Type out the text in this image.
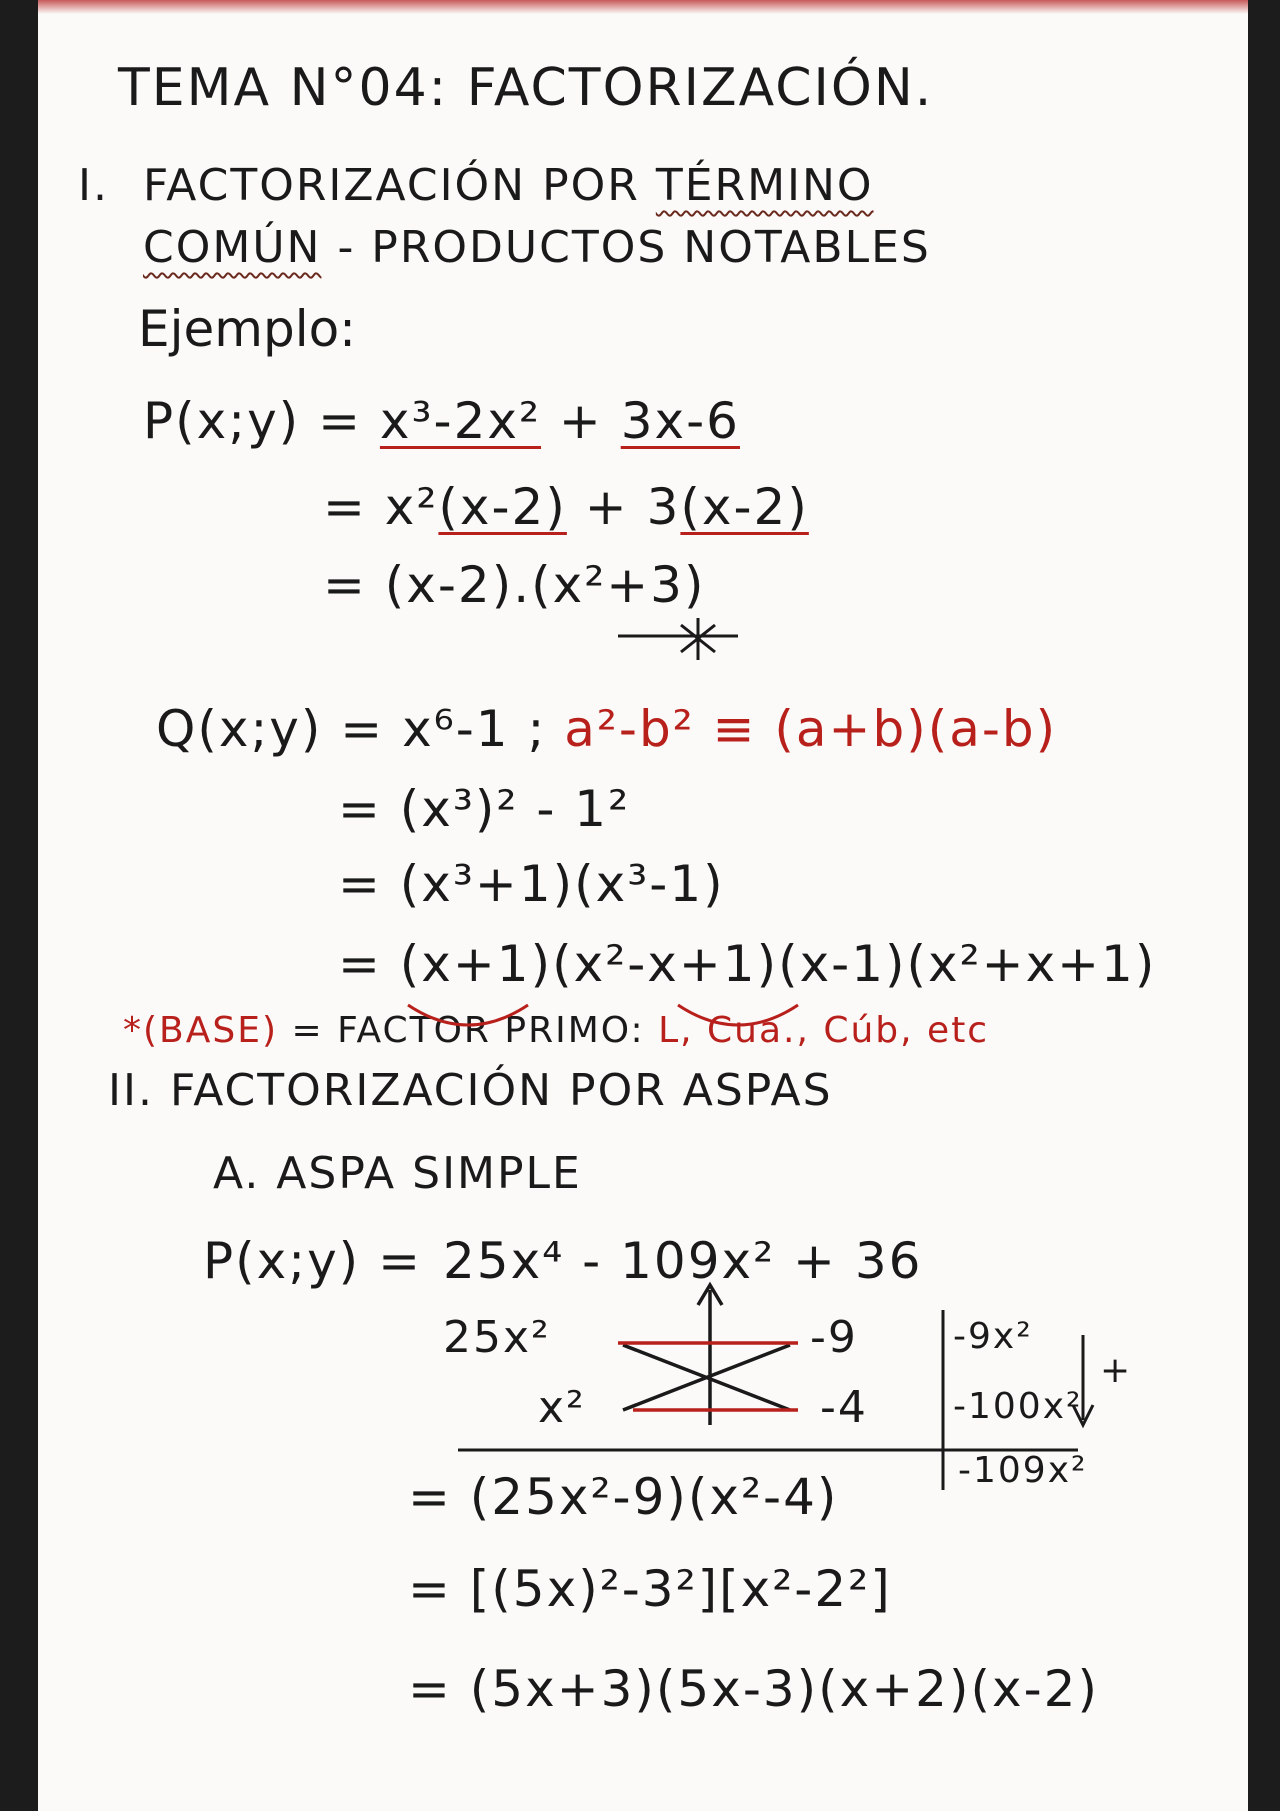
TEMA N°04: FACTORIZACIÓN.
I. FACTORIZACIÓN POR TÉRMINO
COMÚN - PRODUCTOS NOTABLES
Ejemplo:
P(x;y) = x³-2x² + 3x-6
= x²(x-2) + 3(x-2)
= (x-2).(x²+3)
Q(x;y) = x⁶-1 ; a²-b² ≡ (a+b)(a-b)
= (x³)² - 1²
= (x³+1)(x³-1)
= (x+1)(x²-x+1)(x-1)(x²+x+1)
*(BASE) = FACTOR PRIMO: L, Cua., Cúb, etc
II. FACTORIZACIÓN POR ASPAS
A. ASPA SIMPLE
P(x;y) = 25x⁴ - 109x² + 36
25x²	-9	-9x²
x²	-4 -100x²
+
-109x²
= (25x²-9)(x²-4)
= [(5x)²-3²][x²-2²]
= (5x+3)(5x-3)(x+2)(x-2)
